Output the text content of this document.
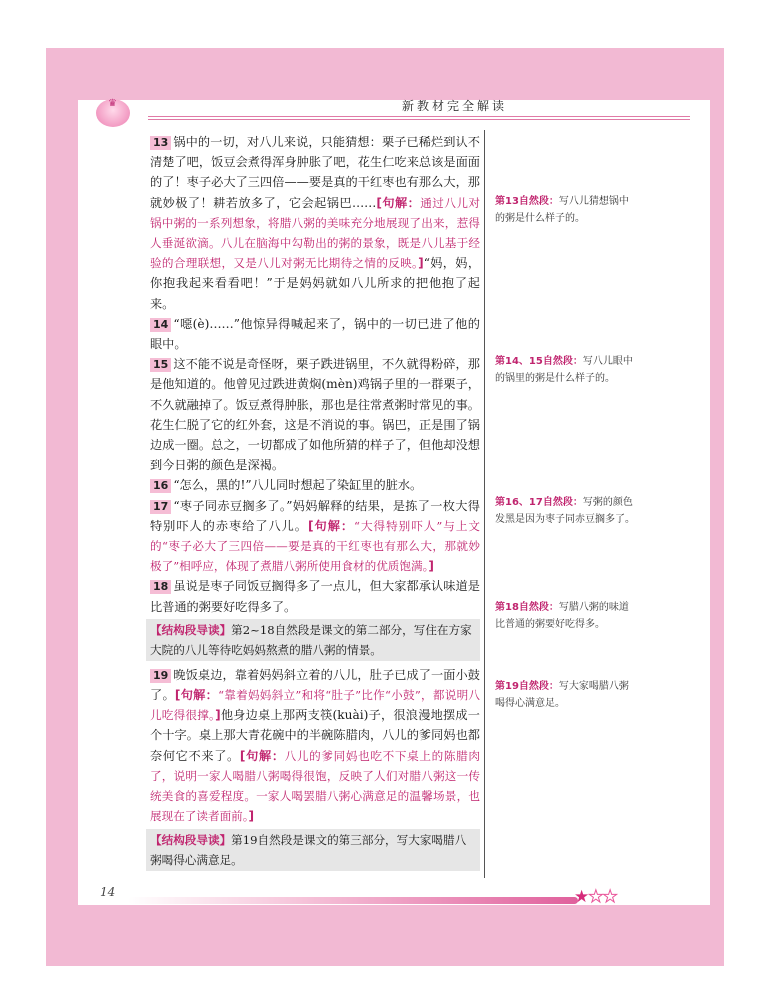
♛	新教材完全解读

13 锅中的一切，对八儿来说，只能猜想：栗子已稀烂到认不清楚了吧，饭豆会煮得浑身肿胀了吧，花生仁吃来总该是面面的了！枣子必大了三四倍——要是真的干红枣也有那么大，那就妙极了！耕若放多了，它会起锅巴……[句解：通过八儿对锅中粥的一系列想象，将腊八粥的美味充分地展现了出来，惹得人垂涎欲滴。八儿在脑海中勾勒出的粥的景象，既是八儿基于经验的合理联想，又是八儿对粥无比期待之情的反映。]“妈，妈，你抱我起来看看吧！”于是妈妈就如八儿所求的把他抱了起来。

14 “噁(è)……”他惊异得喊起来了，锅中的一切已进了他的眼中。

15 这不能不说是奇怪呀，栗子跌进锅里，不久就得粉碎，那是他知道的。他曾见过跌进黄焖(mèn)鸡锅子里的一群栗子，不久就融掉了。饭豆煮得肿胀，那也是往常煮粥时常见的事。花生仁脱了它的红外套，这是不消说的事。锅巴，正是围了锅边成一圈。总之，一切都成了如他所猜的样子了，但他却没想到今日粥的颜色是深褐。

16 “怎么，黑的!”八儿同时想起了染缸里的脏水。

17 “枣子同赤豆搁多了。”妈妈解释的结果，是拣了一枚大得特别吓人的赤枣给了八儿。[句解：“大得特别吓人”与上文的“枣子必大了三四倍——要是真的干红枣也有那么大，那就妙极了”相呼应，体现了煮腊八粥所使用食材的优质饱满。]

18 虽说是枣子同饭豆搁得多了一点儿，但大家都承认味道是比普通的粥要好吃得多了。

【结构段导读】第2~18自然段是课文的第二部分，写住在方家大院的八儿等待吃妈妈熬煮的腊八粥的情景。

19 晚饭桌边，靠着妈妈斜立着的八儿，肚子已成了一面小鼓了。[句解：“靠着妈妈斜立”和将“肚子”比作“小鼓”，都说明八儿吃得很撑。]他身边桌上那两支筷(kuài)子，很浪漫地摆成一个十字。桌上那大青花碗中的半碗陈腊肉，八儿的爹同妈也都奈何它不来了。[句解：八儿的爹同妈也吃不下桌上的陈腊肉了，说明一家人喝腊八粥喝得很饱，反映了人们对腊八粥这一传统美食的喜爱程度。一家人喝罢腊八粥心满意足的温馨场景，也展现在了读者面前。]

【结构段导读】第19自然段是课文的第三部分，写大家喝腊八粥喝得心满意足。
第13自然段：写八儿猜想锅中的粥是什么样子的。
第14、15自然段：写八儿眼中的锅里的粥是什么样子的。
第16、17自然段：写粥的颜色发黑是因为枣子同赤豆搁多了。
第18自然段：写腊八粥的味道比普通的粥要好吃得多。
第19自然段：写大家喝腊八粥喝得心满意足。
14	★★★
